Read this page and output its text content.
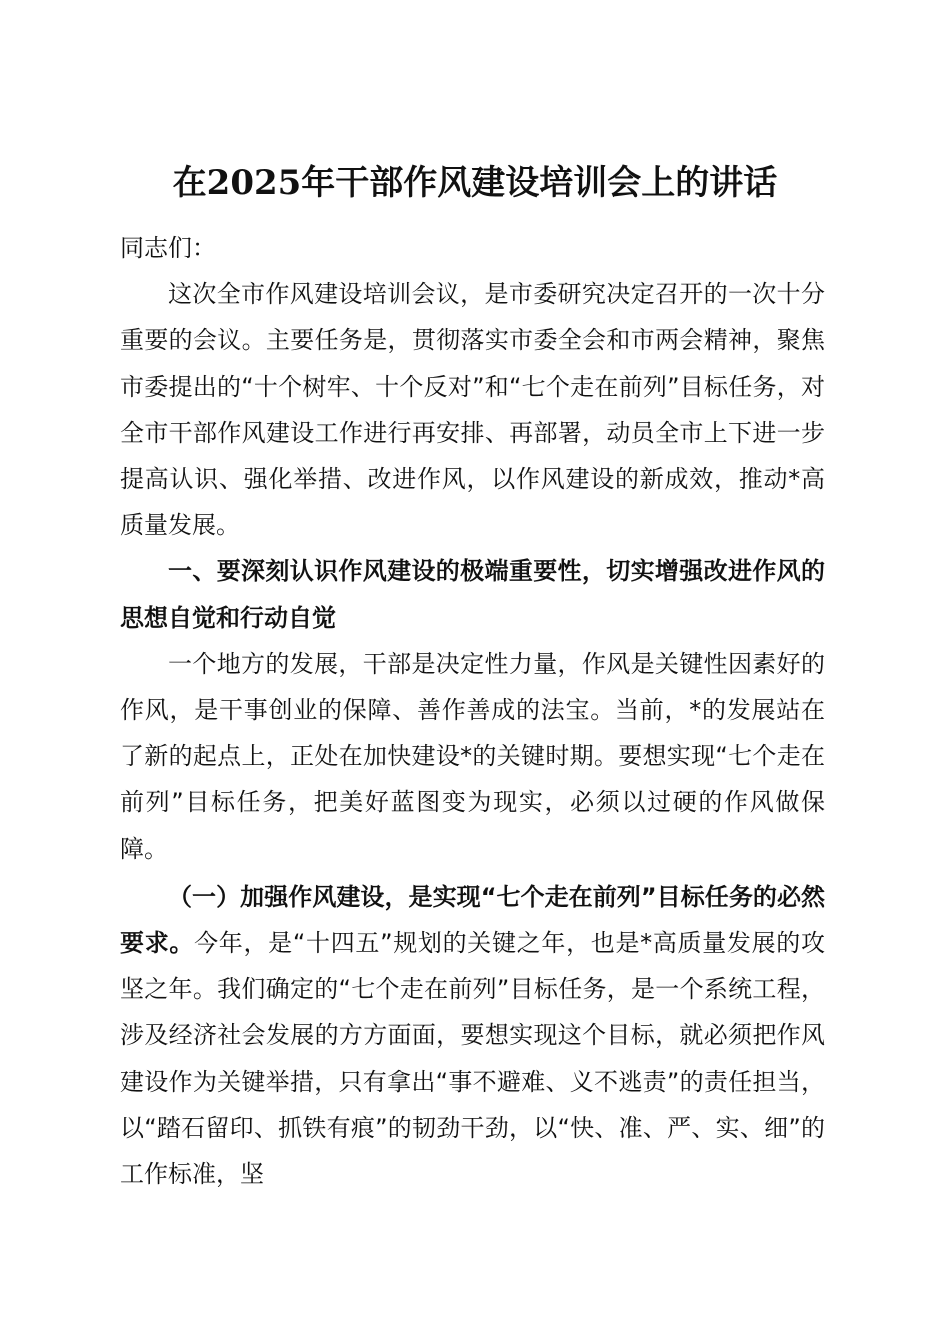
在2025年干部作风建设培训会上的讲话

同志们：

这次全市作风建设培训会议，是市委研究决定召开的一次十分重要的会议。主要任务是，贯彻落实市委全会和市两会精神，聚焦市委提出的“十个树牢、十个反对”和“七个走在前列”目标任务，对全市干部作风建设工作进行再安排、再部署，动员全市上下进一步提高认识、强化举措、改进作风，以作风建设的新成效，推动*高质量发展。

一、要深刻认识作风建设的极端重要性，切实增强改进作风的思想自觉和行动自觉

一个地方的发展，干部是决定性力量，作风是关键性因素好的作风，是干事创业的保障、善作善成的法宝。当前，*的发展站在了新的起点上，正处在加快建设*的关键时期。要想实现“七个走在前列”目标任务，把美好蓝图变为现实，必须以过硬的作风做保障。

（一）加强作风建设，是实现“七个走在前列”目标任务的必然要求。今年，是“十四五”规划的关键之年，也是*高质量发展的攻坚之年。我们确定的“七个走在前列”目标任务，是一个系统工程，涉及经济社会发展的方方面面，要想实现这个目标，就必须把作风建设作为关键举措，只有拿出“事不避难、义不逃责”的责任担当，以“踏石留印、抓铁有痕”的韧劲干劲，以“快、准、严、实、细”的工作标准，坚
